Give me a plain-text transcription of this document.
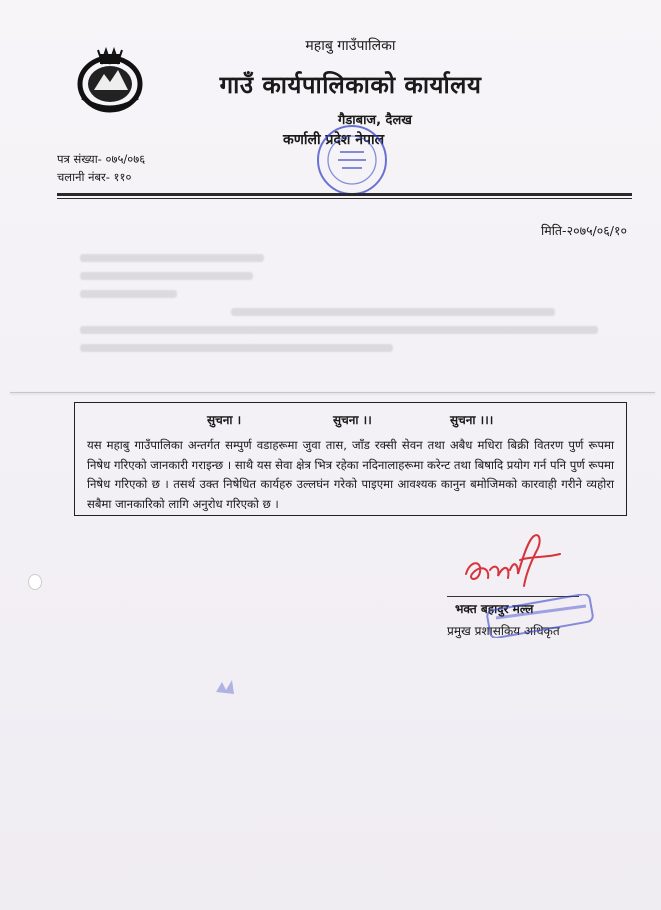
महाबु गाउँपालिका
गाउँ कार्यपालिकाको कार्यालय
गैडाबाज, दैलख
कर्णाली प्रदेश नेपाल
पत्र संख्या- ०७५/०७६
चलानी नंबर- ११०
मिति-२०७५/०६/१०
सुचना ।	सुचना ।।	सुचना ।।।
यस महाबु गाउँपालिका अन्तर्गत सम्पुर्ण वडाहरूमा जुवा तास, जाँड रक्सी सेवन तथा अबैध मधिरा बिक्री वितरण पुर्ण रूपमा निषेध गरिएको जानकारी गराइन्छ । साथै यस सेवा क्षेत्र भित्र रहेका नदिनालाहरूमा करेन्ट तथा बिषादि प्रयोग गर्न पनि पुर्ण रूपमा निषेध गरिएको छ । तसर्थ उक्त निषेधित कार्यहरु उल्लघंन गरेको पाइएमा आवश्यक कानुन बमोजिमको कारवाही गरीने व्यहोरा सबैमा जानकारिको लागि अनुरोध गरिएको छ ।
भक्त बहादुर मल्ल
प्रमुख प्रशासकिय अधिकृत
